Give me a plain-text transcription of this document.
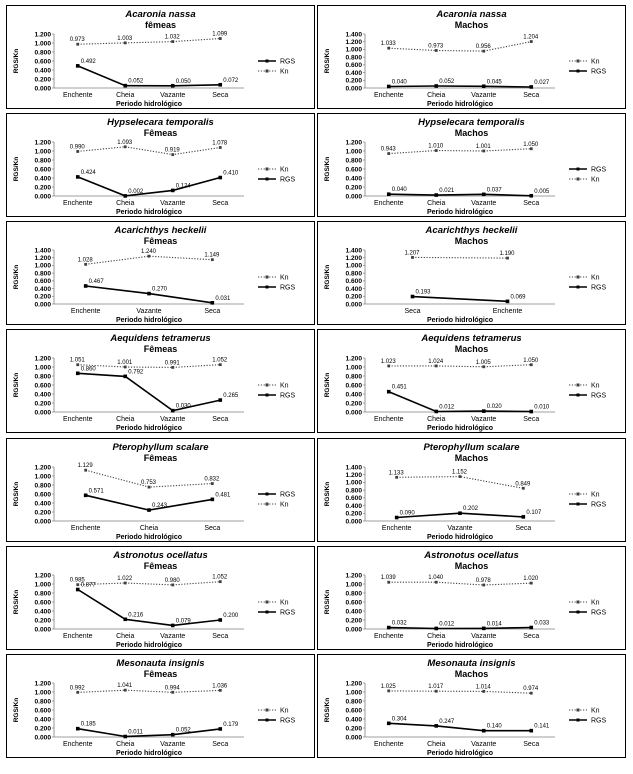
Acaronia nassa
fêmeas
RGS/Kn
0.000
0.200
0.400
0.600
0.800
1.000
1.200
Enchente	Cheia	Vazante	Seca
Periodo hidrológico
0.973	1.003	1.032
1.099
0.492
0.052	0.050	0.072
RGS
Kn
Acaronia nassa
Machos
RGS/Kn
0.000
0.200
0.400
0.600
0.800
1.000
1.200
1.400
Enchente	Cheia	Vazante	Seca
Periodo hidrológico
1.033	0.973	0.956
1.204
0.040	0.052	0.045	0.027
Kn
RGS
Hypselecara temporalis
Fêmeas
RGS/Kn
0.000
0.200
0.400
0.600
0.800
1.000
1.200
Enchente	Cheia	Vazante	Seca
Periodo hidrológico
0.990
1.093
0.919
1.078
0.424
0.002
0.124
0.410
Kn
RGS
Hypselecara temporalis
Machos
RGS/Kn
0.000
0.200
0.400
0.600
0.800
1.000
1.200
Enchente	Cheia	Vazante	Seca
Periodo hidrológico
0.943
1.010	1.001	1.050
0.040	0.021	0.037	0.005
RGS
Kn
Acarichthys heckelii
Fêmeas
RGS/Kn
0.000
0.200
0.400
0.600
0.800
1.000
1.200
1.400
Enchente	Vazante	Seca
Periodo hidrológico
1.028
1.240
1.149
0.467
0.270
0.031
Kn
RGS
Acarichthys heckelii
Machos
RGS/Kn
0.000
0.200
0.400
0.600
0.800
1.000
1.200
1.400
Seca	Enchente
Periodo hidrológico
1.207	1.190
0.193
0.069
Kn
RGS
Aequidens tetramerus
Fêmeas
RGS/Kn
0.000
0.200
0.400
0.600
0.800
1.000
1.200
Enchente	Cheia	Vazante	Seca
Periodo hidrológico
1.051	1.001	0.991	1.052
0.860
0.792
0.030
0.265
Kn
RGS
Aequidens tetramerus
Machos
RGS/Kn
0.000
0.200
0.400
0.600
0.800
1.000
1.200
Enchente	Cheia	Vazante	Seca
Periodo hidrológico
1.023	1.024	1.005	1.050
0.451
0.012	0.020	0.010
Kn
RGS
Pterophyllum scalare
Fêmeas
RGS/Kn
0.000
0.200
0.400
0.600
0.800
1.000
1.200
Enchente	Cheia	Seca
Periodo hidrológico
1.129
0.753
0.832
0.571
0.243
0.481	RGS
Kn
Pterophyllum scalare
Machos
RGS/Kn
0.000
0.200
0.400
0.600
0.800
1.000
1.200
1.400
Enchente	Vazante	Seca
Periodo hidrológico
1.133	1.152
0.849
0.090
0.202
0.107
Kn
RGS
Astronotus ocellatus
Fêmeas
RGS/Kn
0.000
0.200
0.400
0.600
0.800
1.000
1.200
Enchente	Cheia	Vazante	Seca
Periodo hidrológico
0.985	1.022	0.980
1.052
0.877
0.216
0.079
0.200
Kn
RGS
Astronotus ocellatus
Machos
RGS/Kn
0.000
0.200
0.400
0.600
0.800
1.000
1.200
Enchente	Cheia	Vazante	Seca
Periodo hidrológico
1.039	1.040	0.978	1.020
0.032	0.012	0.014	0.033
Kn
RGS
Mesonauta insignis
Fêmeas
RGS/Kn
0.000
0.200
0.400
0.600
0.800
1.000
1.200
Enchente	Cheia	Vazante	Seca
Periodo hidrológico
0.992	1.041	0.994	1.036
0.185
0.011	0.052
0.179
Kn
RGS
Mesonauta insignis
Machos
RGS/Kn
0.000
0.200
0.400
0.600
0.800
1.000
1.200
Enchente	Cheia	Vazante	Seca
Periodo hidrológico
1.025	1.017	1.014	0.974
0.304	0.247
0.140	0.141
Kn
RGS
